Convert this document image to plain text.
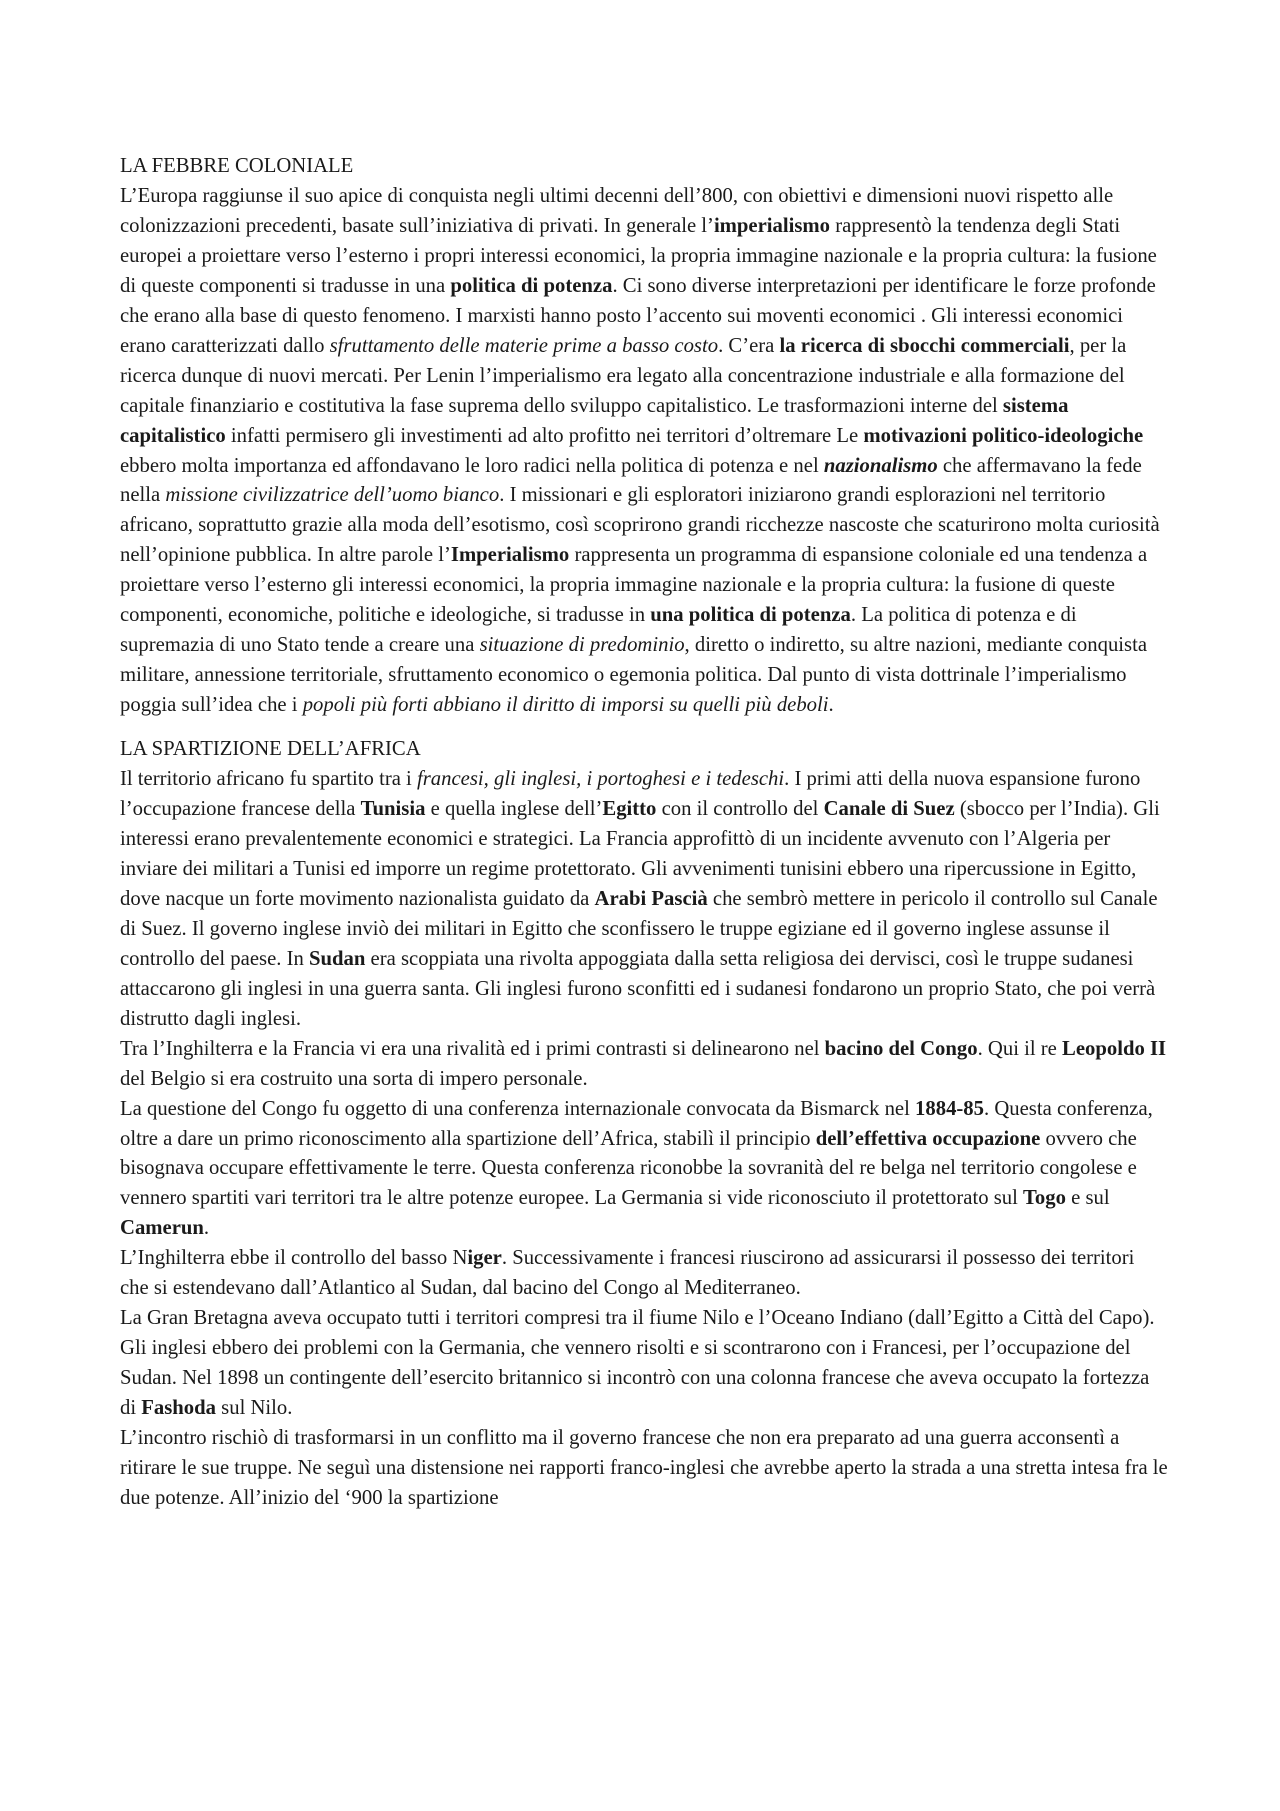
LA FEBBRE COLONIALE

L’Europa raggiunse il suo apice di conquista negli ultimi decenni dell’800, con obiettivi e dimensioni nuovi rispetto alle colonizzazioni precedenti, basate sull’iniziativa di privati. In generale l’imperialismo rappresentò la tendenza degli Stati europei a proiettare verso l’esterno i propri interessi economici, la propria immagine nazionale e la propria cultura: la fusione di queste componenti si tradusse in una politica di potenza. Ci sono diverse interpretazioni per identificare le forze profonde che erano alla base di questo fenomeno. I marxisti hanno posto l’accento sui moventi economici . Gli interessi economici erano caratterizzati dallo sfruttamento delle materie prime a basso costo. C’era la ricerca di sbocchi commerciali, per la ricerca dunque di nuovi mercati. Per Lenin l’imperialismo era legato alla concentrazione industriale e alla formazione del capitale finanziario e costitutiva la fase suprema dello sviluppo capitalistico. Le trasformazioni interne del sistema capitalistico infatti permisero gli investimenti ad alto profitto nei territori d’oltremare Le motivazioni politico-ideologiche ebbero molta importanza ed affondavano le loro radici nella politica di potenza e nel nazionalismo che affermavano la fede nella missione civilizzatrice dell’uomo bianco. I missionari e gli esploratori iniziarono grandi esplorazioni nel territorio africano, soprattutto grazie alla moda dell’esotismo, così scoprirono grandi ricchezze nascoste che scaturirono molta curiosità nell’opinione pubblica. In altre parole l’Imperialismo rappresenta un programma di espansione coloniale ed una tendenza a proiettare verso l’esterno gli interessi economici, la propria immagine nazionale e la propria cultura: la fusione di queste componenti, economiche, politiche e ideologiche, si tradusse in una politica di potenza. La politica di potenza e di supremazia di uno Stato tende a creare una situazione di predominio, diretto o indiretto, su altre nazioni, mediante conquista militare, annessione territoriale, sfruttamento economico o egemonia politica. Dal punto di vista dottrinale l’imperialismo poggia sull’idea che i popoli più forti abbiano il diritto di imporsi su quelli più deboli.

LA SPARTIZIONE DELL’AFRICA

Il territorio africano fu spartito tra i francesi, gli inglesi, i portoghesi e i tedeschi. I primi atti della nuova espansione furono l’occupazione francese della Tunisia e quella inglese dell’Egitto con il controllo del Canale di Suez (sbocco per l’India). Gli interessi erano prevalentemente economici e strategici. La Francia approfittò di un incidente avvenuto con l’Algeria per inviare dei militari a Tunisi ed imporre un regime protettorato. Gli avvenimenti tunisini ebbero una ripercussione in Egitto, dove nacque un forte movimento nazionalista guidato da Arabi Pascià che sembrò mettere in pericolo il controllo sul Canale di Suez. Il governo inglese inviò dei militari in Egitto che sconfissero le truppe egiziane ed il governo inglese assunse il controllo del paese. In Sudan era scoppiata una rivolta appoggiata dalla setta religiosa dei dervisci, così le truppe sudanesi attaccarono gli inglesi in una guerra santa. Gli inglesi furono sconfitti ed i sudanesi fondarono un proprio Stato, che poi verrà distrutto dagli inglesi.

Tra l’Inghilterra e la Francia vi era una rivalità ed i primi contrasti si delinearono nel bacino del Congo. Qui il re Leopoldo II del Belgio si era costruito una sorta di impero personale.

La questione del Congo fu oggetto di una conferenza internazionale convocata da Bismarck nel 1884-85. Questa conferenza, oltre a dare un primo riconoscimento alla spartizione dell’Africa, stabilì il principio dell’effettiva occupazione ovvero che bisognava occupare effettivamente le terre. Questa conferenza riconobbe la sovranità del re belga nel territorio congolese e vennero spartiti vari territori tra le altre potenze europee. La Germania si vide riconosciuto il protettorato sul Togo e sul Camerun.

L’Inghilterra ebbe il controllo del basso Niger. Successivamente i francesi riuscirono ad assicurarsi il possesso dei territori che si estendevano dall’Atlantico al Sudan, dal bacino del Congo al Mediterraneo.

La Gran Bretagna aveva occupato tutti i territori compresi tra il fiume Nilo e l’Oceano Indiano (dall’Egitto a Città del Capo). Gli inglesi ebbero dei problemi con la Germania, che vennero risolti e si scontrarono con i Francesi, per l’occupazione del Sudan. Nel 1898 un contingente dell’esercito britannico si incontrò con una colonna francese che aveva occupato la fortezza di Fashoda sul Nilo.

L’incontro rischiò di trasformarsi in un conflitto ma il governo francese che non era preparato ad una guerra acconsentì a ritirare le sue truppe. Ne seguì una distensione nei rapporti franco-inglesi che avrebbe aperto la strada a una stretta intesa fra le due potenze. All’inizio del ‘900 la spartizione
